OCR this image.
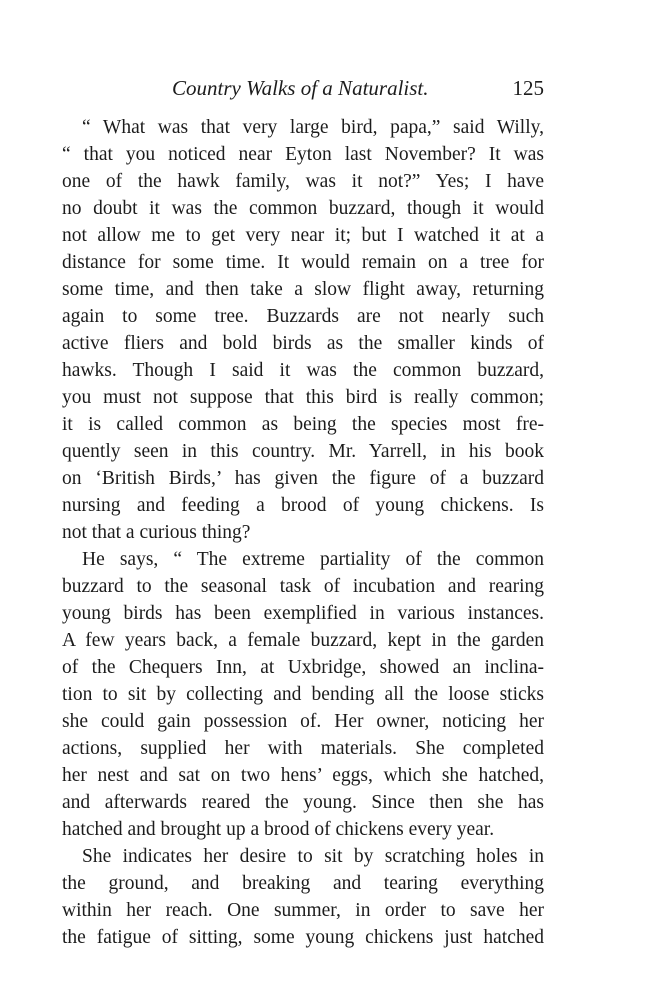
Country Walks of a Naturalist.	125
“ What was that very large bird, papa,” said Willy,
“ that you noticed near Eyton last November? It was
one of the hawk family, was it not?” Yes; I have
no doubt it was the common buzzard, though it would
not allow me to get very near it; but I watched it at a
distance for some time. It would remain on a tree for
some time, and then take a slow flight away, returning
again to some tree. Buzzards are not nearly such
active fliers and bold birds as the smaller kinds of
hawks. Though I said it was the common buzzard,
you must not suppose that this bird is really common;
it is called common as being the species most fre-
quently seen in this country. Mr. Yarrell, in his book
on ‘British Birds,’ has given the figure of a buzzard
nursing and feeding a brood of young chickens. Is
not that a curious thing?
He says, “ The extreme partiality of the common
buzzard to the seasonal task of incubation and rearing
young birds has been exemplified in various instances.
A few years back, a female buzzard, kept in the garden
of the Chequers Inn, at Uxbridge, showed an inclina-
tion to sit by collecting and bending all the loose sticks
she could gain possession of. Her owner, noticing her
actions, supplied her with materials. She completed
her nest and sat on two hens’ eggs, which she hatched,
and afterwards reared the young. Since then she has
hatched and brought up a brood of chickens every year.
She indicates her desire to sit by scratching holes in
the ground, and breaking and tearing everything
within her reach. One summer, in order to save her
the fatigue of sitting, some young chickens just hatched
